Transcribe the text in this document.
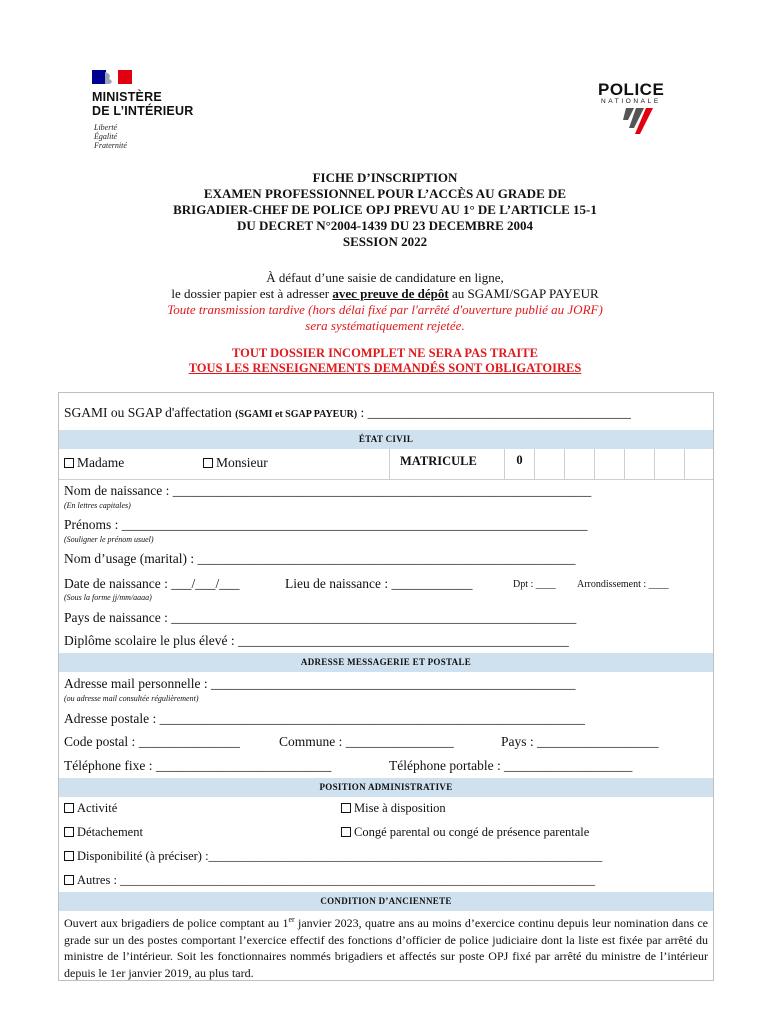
MINISTÈRE
DE L’INTÉRIEUR
Liberté
Égalité
Fraternité
POLICE
NATIONALE
FICHE D’INSCRIPTION
EXAMEN PROFESSIONNEL POUR L’ACCÈS AU GRADE DE
BRIGADIER-CHEF DE POLICE OPJ PREVU AU 1° DE L’ARTICLE 15-1
DU DECRET N°2004-1439 DU 23 DECEMBRE 2004
SESSION 2022
À défaut d’une saisie de candidature en ligne,
le dossier papier est à adresser avec preuve de dépôt au SGAMI/SGAP PAYEUR
Toute transmission tardive (hors délai fixé par l'arrêté d'ouverture publié au JORF)
sera systématiquement rejetée.
TOUT DOSSIER INCOMPLET NE SERA PAS TRAITE
TOUS LES RENSEIGNEMENTS DEMANDÉS SONT OBLIGATOIRES
SGAMI ou SGAP d'affectation (SGAMI et SGAP PAYEUR) : _______________________________________
ÉTAT CIVIL
Madame	Monsieur	MATRICULE	0
Nom de naissance : ______________________________________________________________
(En lettres capitales)
Prénoms : _____________________________________________________________________
(Souligner le prénom usuel)
Nom d’usage (marital) : ________________________________________________________
Date de naissance : ___/___/___	Lieu de naissance : ____________	Dpt : ____ Arrondissement : ____
(Sous la forme jj/mm/aaaa)
Pays de naissance : ____________________________________________________________
Diplôme scolaire le plus élevé : _________________________________________________
ADRESSE MESSAGERIE ET POSTALE
Adresse mail personnelle : ______________________________________________________
(ou adresse mail consultée régulièrement)
Adresse postale : _______________________________________________________________
Code postal : _______________	Commune : ________________	Pays : __________________
Téléphone fixe : __________________________	Téléphone portable : ___________________
POSITION ADMINISTRATIVE
Activité	Mise à disposition
Détachement	Congé parental ou congé de présence parentale
Disponibilité (à préciser) :_______________________________________________________________
Autres : ____________________________________________________________________________
CONDITION D’ANCIENNETE
Ouvert aux brigadiers de police comptant au 1er janvier 2023, quatre ans au moins d’exercice continu depuis leur nomination dans ce grade sur un des postes comportant l’exercice effectif des fonctions d’officier de police judiciaire dont la liste est fixée par arrêté du ministre de l’intérieur. Soit les fonctionnaires nommés brigadiers et affectés sur poste OPJ fixé par arrêté du ministre de l’intérieur depuis le 1er janvier 2019, au plus tard.
